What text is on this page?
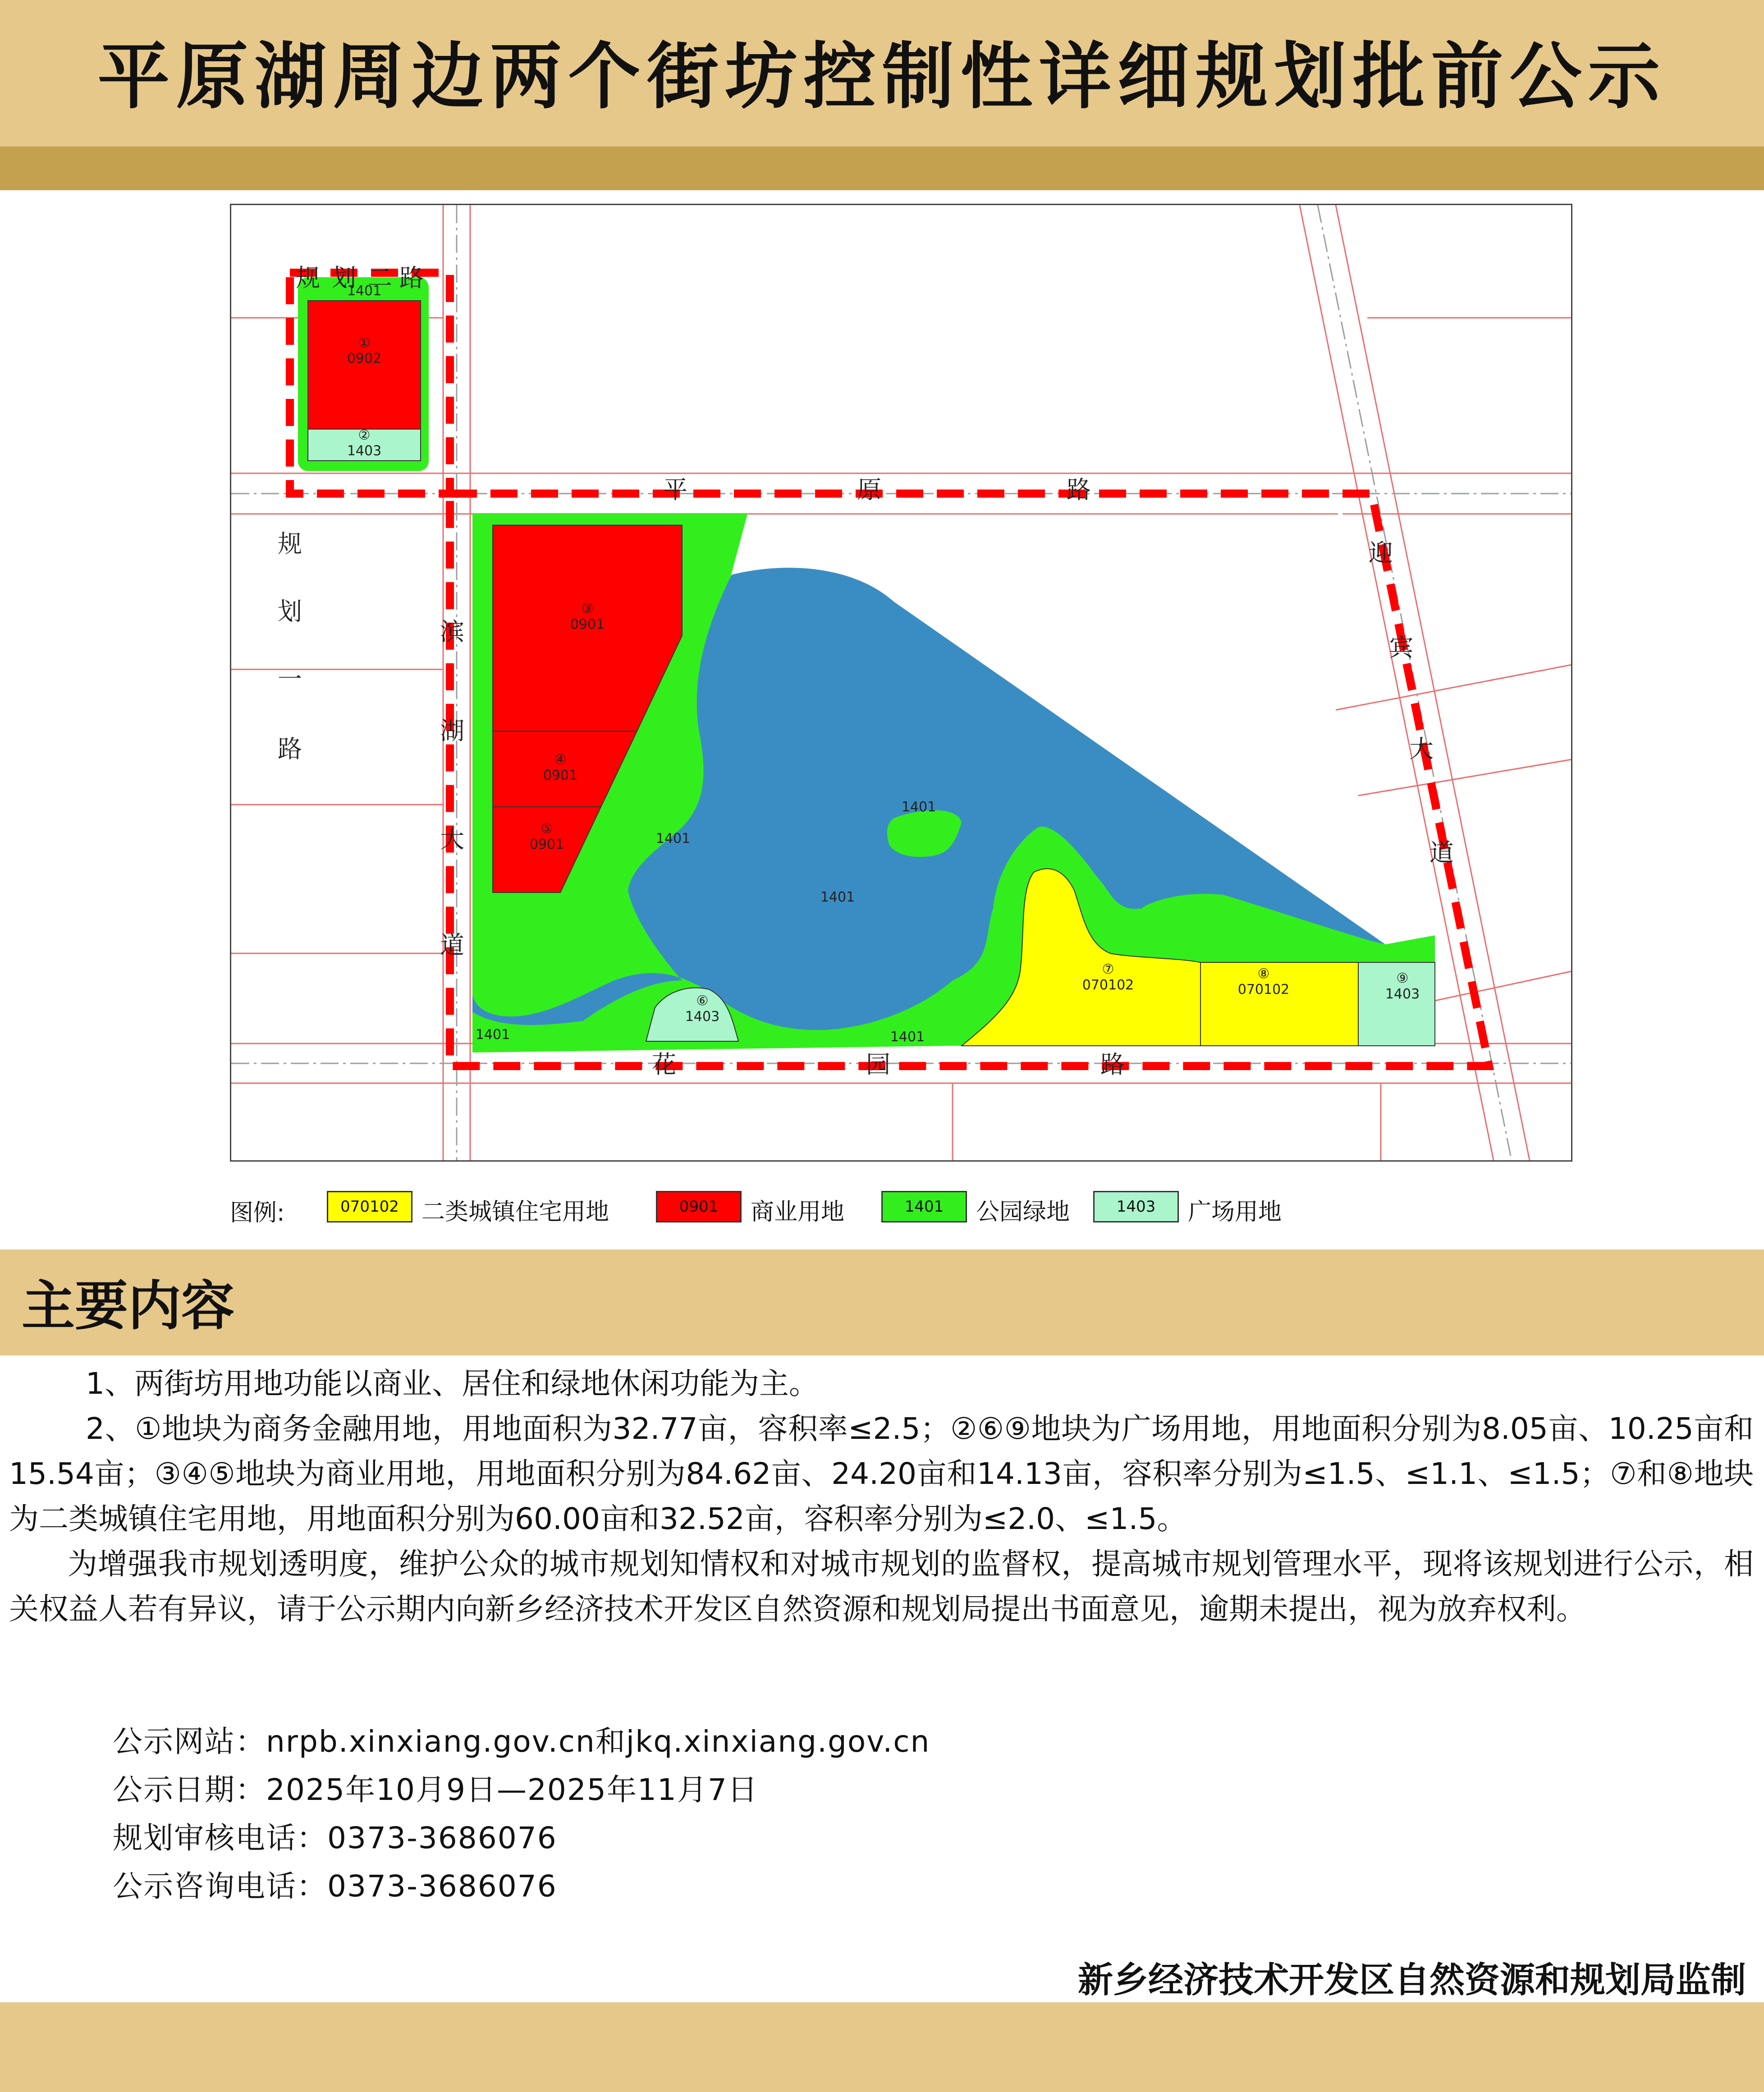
平原湖周边两个街坊控制性详细规划批前公示
①
0902
②
1403
③
0901
④
0901
⑤
0901
⑥
1403
⑦
070102
⑧
070102
⑨
1403
1401
1401
1401
1401
1401	1401
规 划 二 路
平	原	路
规
划
一
路
滨
湖
大
道
迎
宾
大
道
花	园	路
图例:	070102 二类城镇住宅用地	0901	商业用地	1401	公园绿地	1403	广场用地
主要内容

1、两街坊用地功能以商业、居住和绿地休闲功能为主。

2、①地块为商务金融用地，用地面积为32.77亩，容积率≤2.5；②⑥⑨地块为广场用地，用地面积分别为8.05亩、10.25亩和15.54亩；③④⑤地块为商业用地，用地面积分别为84.62亩、24.20亩和14.13亩，容积率分别为≤1.5、≤1.1、≤1.5；⑦和⑧地块为二类城镇住宅用地，用地面积分别为60.00亩和32.52亩，容积率分别为≤2.0、≤1.5。

为增强我市规划透明度，维护公众的城市规划知情权和对城市规划的监督权，提高城市规划管理水平，现将该规划进行公示，相关权益人若有异议，请于公示期内向新乡经济技术开发区自然资源和规划局提出书面意见，逾期未提出，视为放弃权利。

公示网站：nrpb.xinxiang.gov.cn和jkq.xinxiang.gov.cn
公示日期：2025年10月9日—2025年11月7日
规划审核电话：0373-3686076
公示咨询电话：0373-3686076
新乡经济技术开发区自然资源和规划局监制
